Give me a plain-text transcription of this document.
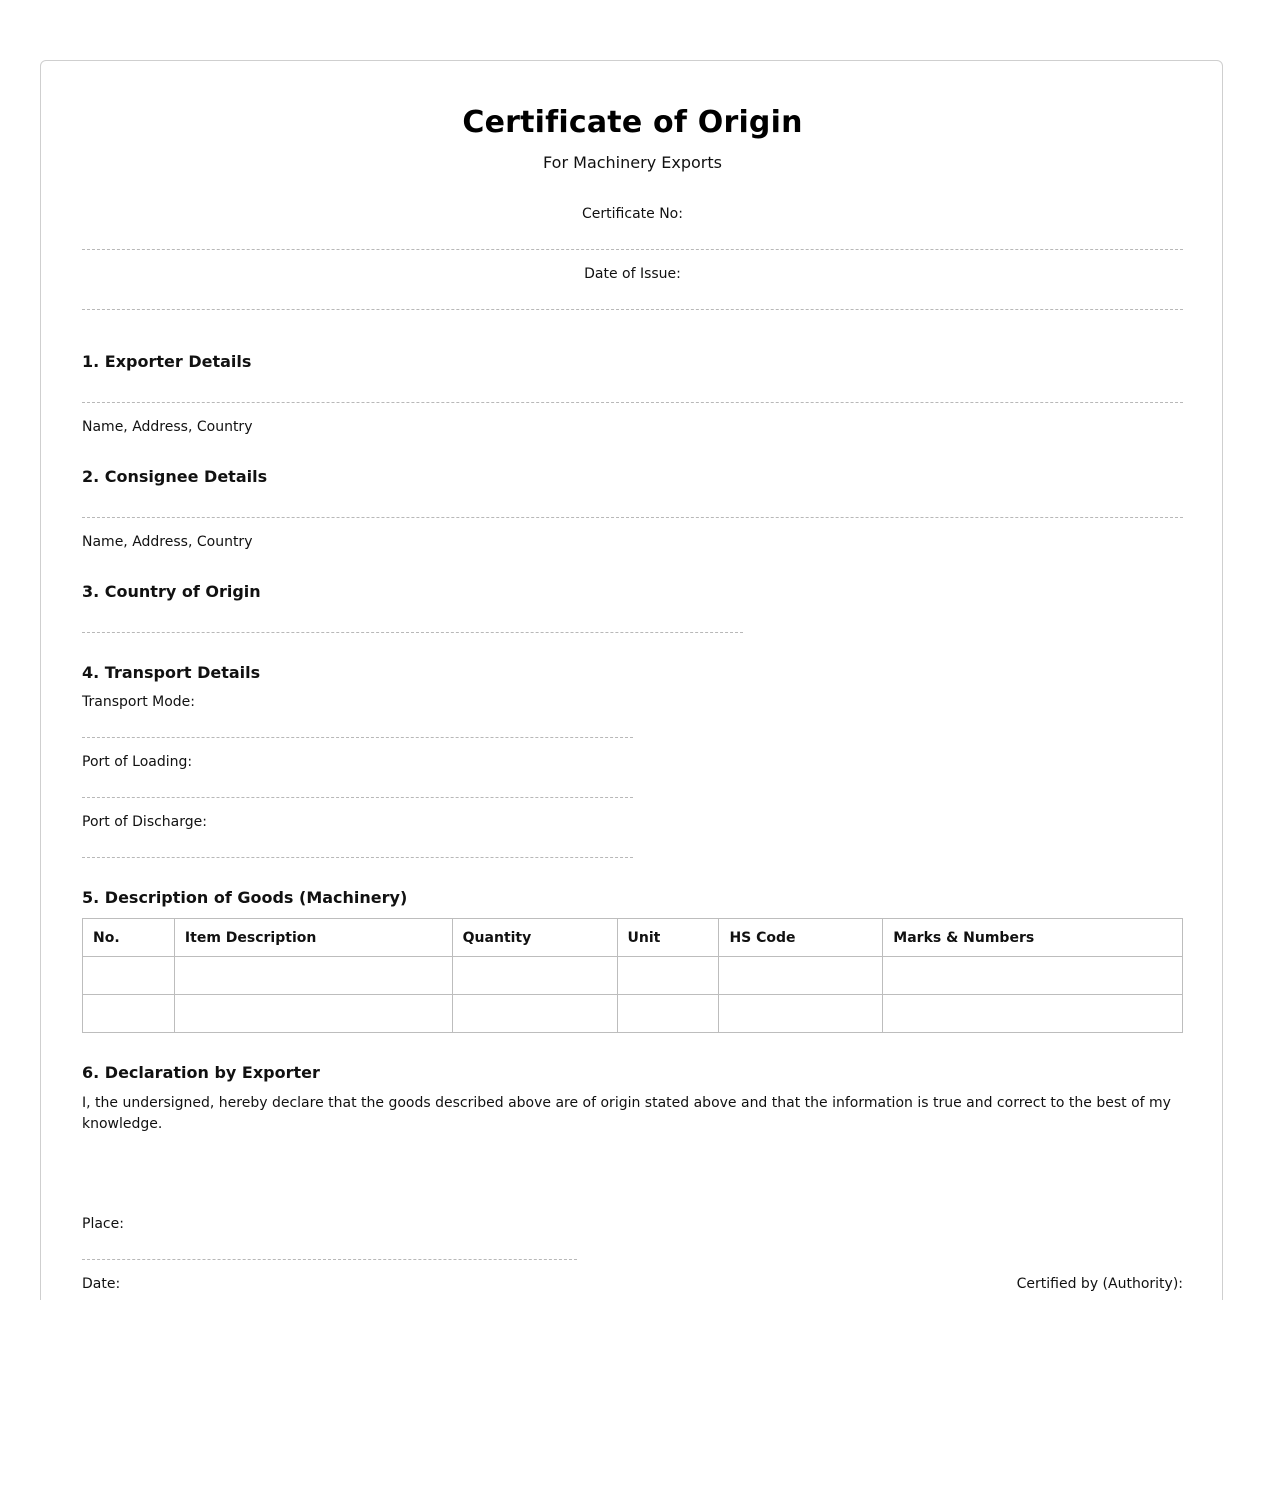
Certificate of Origin
For Machinery Exports
Certificate No:
Date of Issue:
1. Exporter Details
Name, Address, Country
2. Consignee Details
Name, Address, Country
3. Country of Origin
4. Transport Details
Transport Mode:
Port of Loading:
Port of Discharge:
5. Description of Goods (Machinery)
No.	Item Description	Quantity	Unit	HS Code	Marks & Numbers

6. Declaration by Exporter
I, the undersigned, hereby declare that the goods described above are of origin stated above and that the information is true and correct to the best of my knowledge.
Place:
Date:	Certified by (Authority):
